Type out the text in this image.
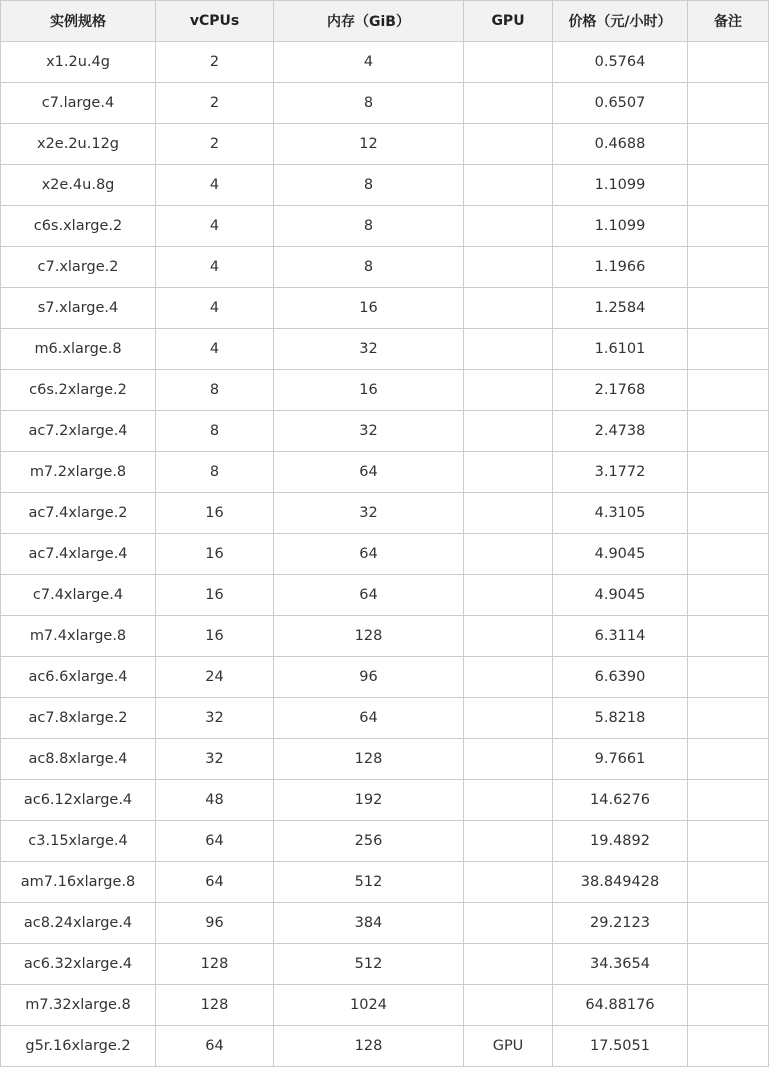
实例规格	vCPUs	内存（GiB）	GPU	价格（元/小时）	备注
x1.2u.4g	2	4		0.5764	
c7.large.4	2	8		0.6507	
x2e.2u.12g	2	12		0.4688	
x2e.4u.8g	4	8		1.1099	
c6s.xlarge.2	4	8		1.1099	
c7.xlarge.2	4	8		1.1966	
s7.xlarge.4	4	16		1.2584	
m6.xlarge.8	4	32		1.6101	
c6s.2xlarge.2	8	16		2.1768	
ac7.2xlarge.4	8	32		2.4738	
m7.2xlarge.8	8	64		3.1772	
ac7.4xlarge.2	16	32		4.3105	
ac7.4xlarge.4	16	64		4.9045	
c7.4xlarge.4	16	64		4.9045	
m7.4xlarge.8	16	128		6.3114	
ac6.6xlarge.4	24	96		6.6390	
ac7.8xlarge.2	32	64		5.8218	
ac8.8xlarge.4	32	128		9.7661	
ac6.12xlarge.4	48	192		14.6276	
c3.15xlarge.4	64	256		19.4892	
am7.16xlarge.8	64	512		38.849428	
ac8.24xlarge.4	96	384		29.2123	
ac6.32xlarge.4	128	512		34.3654	
m7.32xlarge.8	128	1024		64.88176	
g5r.16xlarge.2	64	128	GPU	17.5051	
